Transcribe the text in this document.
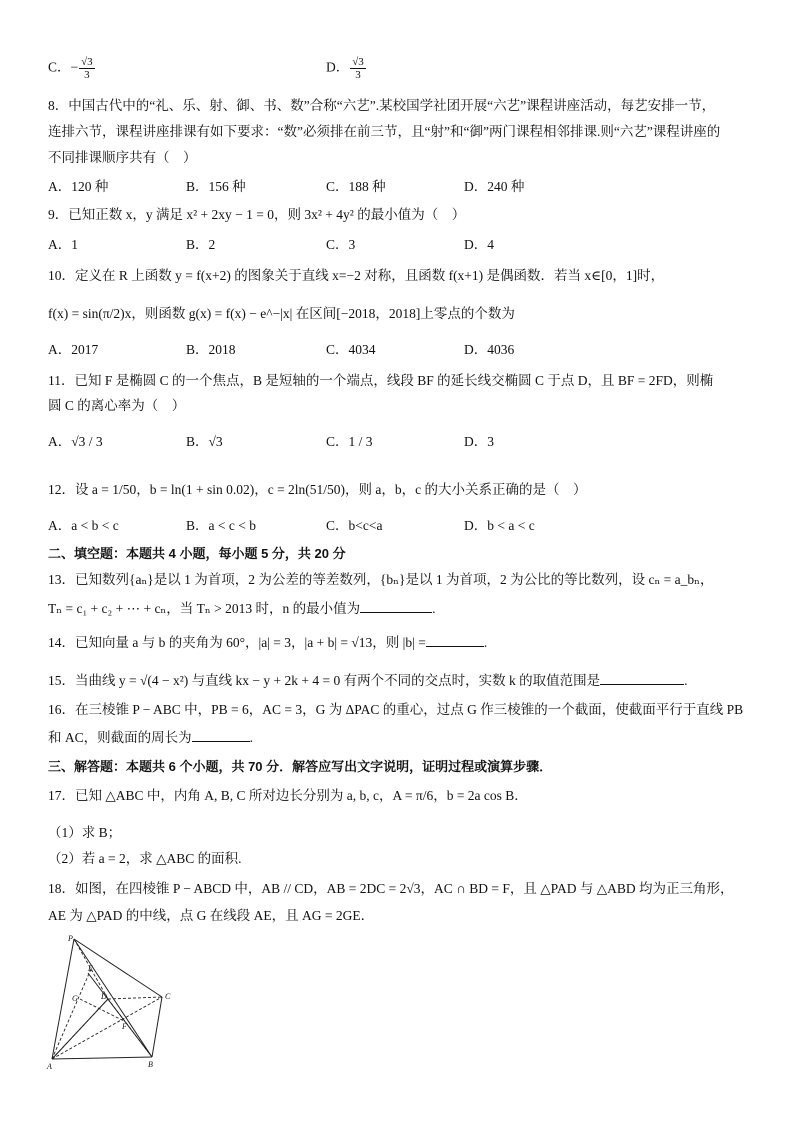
C．− $\frac{√3}{3}$	D． $\frac{√3}{3}$
8．中国古代中的“礼、乐、射、御、书、数”合称“六艺”.某校国学社团开展“六艺”课程讲座活动，每艺安排一节，
连排六节，课程讲座排课有如下要求：“数”必须排在前三节，且“射”和“御”两门课程相邻排课.则“六艺”课程讲座的
不同排课顺序共有（　）
A．120 种	B．156 种	C．188 种	D．240 种
9．已知正数 x，y 满足 x² + 2xy − 1 = 0，则 3x² + 4y² 的最小值为（　）
A．1	B．2	C．3	D．4
10．定义在 R 上函数 y = f(x+2) 的图象关于直线 x=−2 对称，且函数 f(x+1) 是偶函数．若当 x∈[0，1]时，
f(x) = sin(π/2)x，则函数 g(x) = f(x) − e^−|x| 在区间[−2018，2018]上零点的个数为
A．2017	B．2018	C．4034	D．4036
11．已知 F 是椭圆 C 的一个焦点，B 是短轴的一个端点，线段 BF 的延长线交椭圆 C 于点 D，且 BF = 2FD，则椭
圆 C 的离心率为（　）
A．√3 / 3	B．√3	C．1 / 3	D．3
12．设 a = 1/50，b = ln(1 + sin 0.02)，c = 2ln(51/50)，则 a，b，c 的大小关系正确的是（　）
A．a < b < c	B．a < c < b	C．b<c<a	D．b < a < c
二、填空题：本题共 4 小题，每小题 5 分，共 20 分
13．已知数列{aₙ}是以 1 为首项，2 为公差的等差数列，{bₙ}是以 1 为首项，2 为公比的等比数列，设 cₙ = a_bₙ，
Tₙ = c₁ + c₂ + ⋯ + cₙ，当 Tₙ > 2013 时，n 的最小值为	.
14．已知向量 a 与 b 的夹角为 60°，|a| = 3，|a + b| = √13，则 |b| =	.
15．当曲线 y = √(4 − x²) 与直线 kx − y + 2k + 4 = 0 有两个不同的交点时，实数 k 的取值范围是	.
16．在三棱锥 P − ABC 中，PB = 6，AC = 3，G 为 ΔPAC 的重心，过点 G 作三棱锥的一个截面，使截面平行于直线 PB
和 AC，则截面的周长为	.
三、解答题：本题共 6 个小题，共 70 分．解答应写出文字说明，证明过程或演算步骤．
17．已知 △ABC 中，内角 A, B, C 所对边长分别为 a, b, c，A = π/6，b = 2a cos B．
（1）求 B；
（2）若 a = 2，求 △ABC 的面积.
18．如图，在四棱锥 P − ABCD 中，AB // CD，AB = 2DC = 2√3，AC ∩ BD = F，且 △PAD 与 △ABD 均为正三角形，
AE 为 △PAD 的中线，点 G 在线段 AE，且 AG = 2GE．
P
E
G	D	C
F
A	B
